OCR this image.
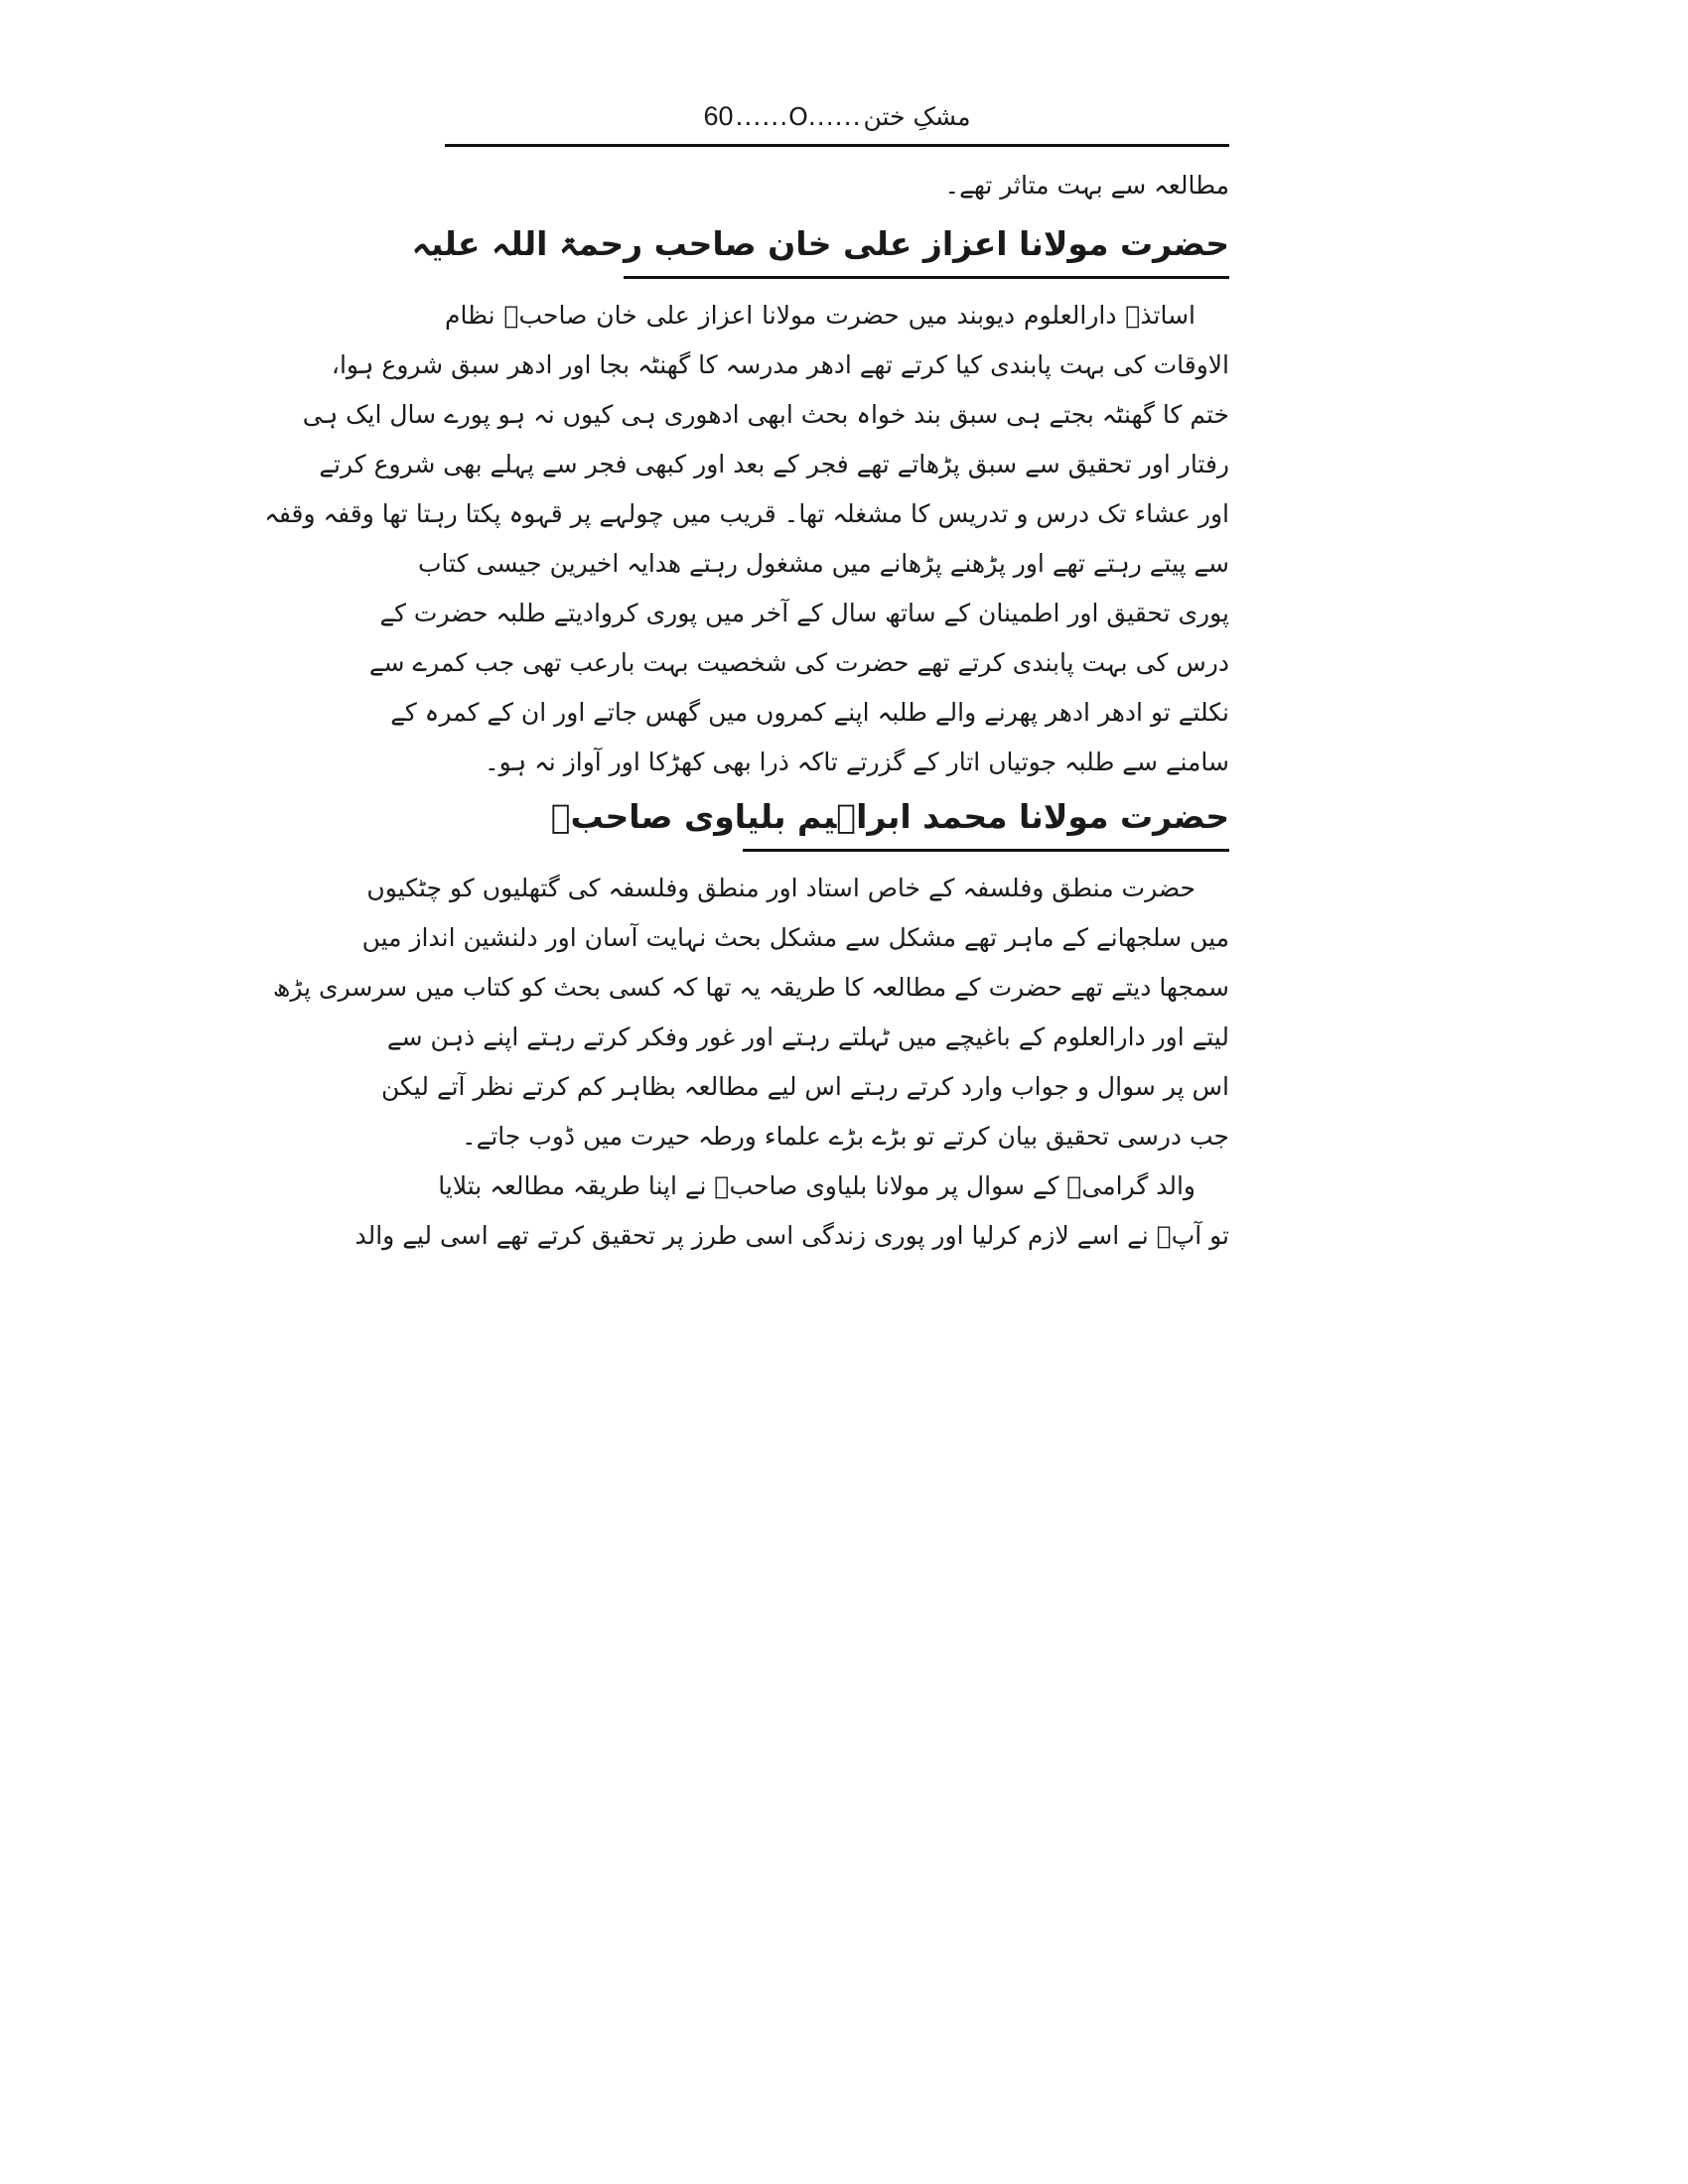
60 ......O...... مشکِ ختن
مطالعہ سے بہت متاثر تھے۔
حضرت مولانا اعزاز علی خان صاحب رحمۃ اللہ علیہ
اساتذہ دارالعلوم دیوبند میں حضرت مولانا اعزاز علی خان صاحبؒ نظام
الاوقات کی بہت پابندی کیا کرتے تھے ادھر مدرسہ کا گھنٹہ بجا اور ادھر سبق شروع ہوا،
ختم کا گھنٹہ بجتے ہی سبق بند خواہ بحث ابھی ادھوری ہی کیوں نہ ہو پورے سال ایک ہی
رفتار اور تحقیق سے سبق پڑھاتے تھے فجر کے بعد اور کبھی فجر سے پہلے بھی شروع کرتے
اور عشاء تک درس و تدریس کا مشغلہ تھا۔ قریب میں چولہے پر قہوہ پکتا رہتا تھا وقفہ وقفہ
سے پیتے رہتے تھے اور پڑھنے پڑھانے میں مشغول رہتے ھدایہ اخیرین جیسی کتاب
پوری تحقیق اور اطمینان کے ساتھ سال کے آخر میں پوری کروادیتے طلبہ حضرت کے
درس کی بہت پابندی کرتے تھے حضرت کی شخصیت بہت بارعب تھی جب کمرے سے
نکلتے تو ادھر ادھر پھرنے والے طلبہ اپنے کمروں میں گھس جاتے اور ان کے کمرہ کے
سامنے سے طلبہ جوتیاں اتار کے گزرتے تاکہ ذرا بھی کھڑکا اور آواز نہ ہو۔
حضرت مولانا محمد ابراہیم بلیاوی صاحبؒ
حضرت منطق وفلسفہ کے خاص استاد اور منطق وفلسفہ کی گتھلیوں کو چٹکیوں
میں سلجھانے کے ماہر تھے مشکل سے مشکل بحث نہایت آسان اور دلنشین انداز میں
سمجھا دیتے تھے حضرت کے مطالعہ کا طریقہ یہ تھا کہ کسی بحث کو کتاب میں سرسری پڑھ
لیتے اور دارالعلوم کے باغیچے میں ٹہلتے رہتے اور غور وفکر کرتے رہتے اپنے ذہن سے
اس پر سوال و جواب وارد کرتے رہتے اس لیے مطالعہ بظاہر کم کرتے نظر آتے لیکن
جب درسی تحقیق بیان کرتے تو بڑے بڑے علماء ورطہ حیرت میں ڈوب جاتے۔
والد گرامیؒ کے سوال پر مولانا بلیاوی صاحبؒ نے اپنا طریقہ مطالعہ بتلایا
تو آپؒ نے اسے لازم کرلیا اور پوری زندگی اسی طرز پر تحقیق کرتے تھے اسی لیے والد
